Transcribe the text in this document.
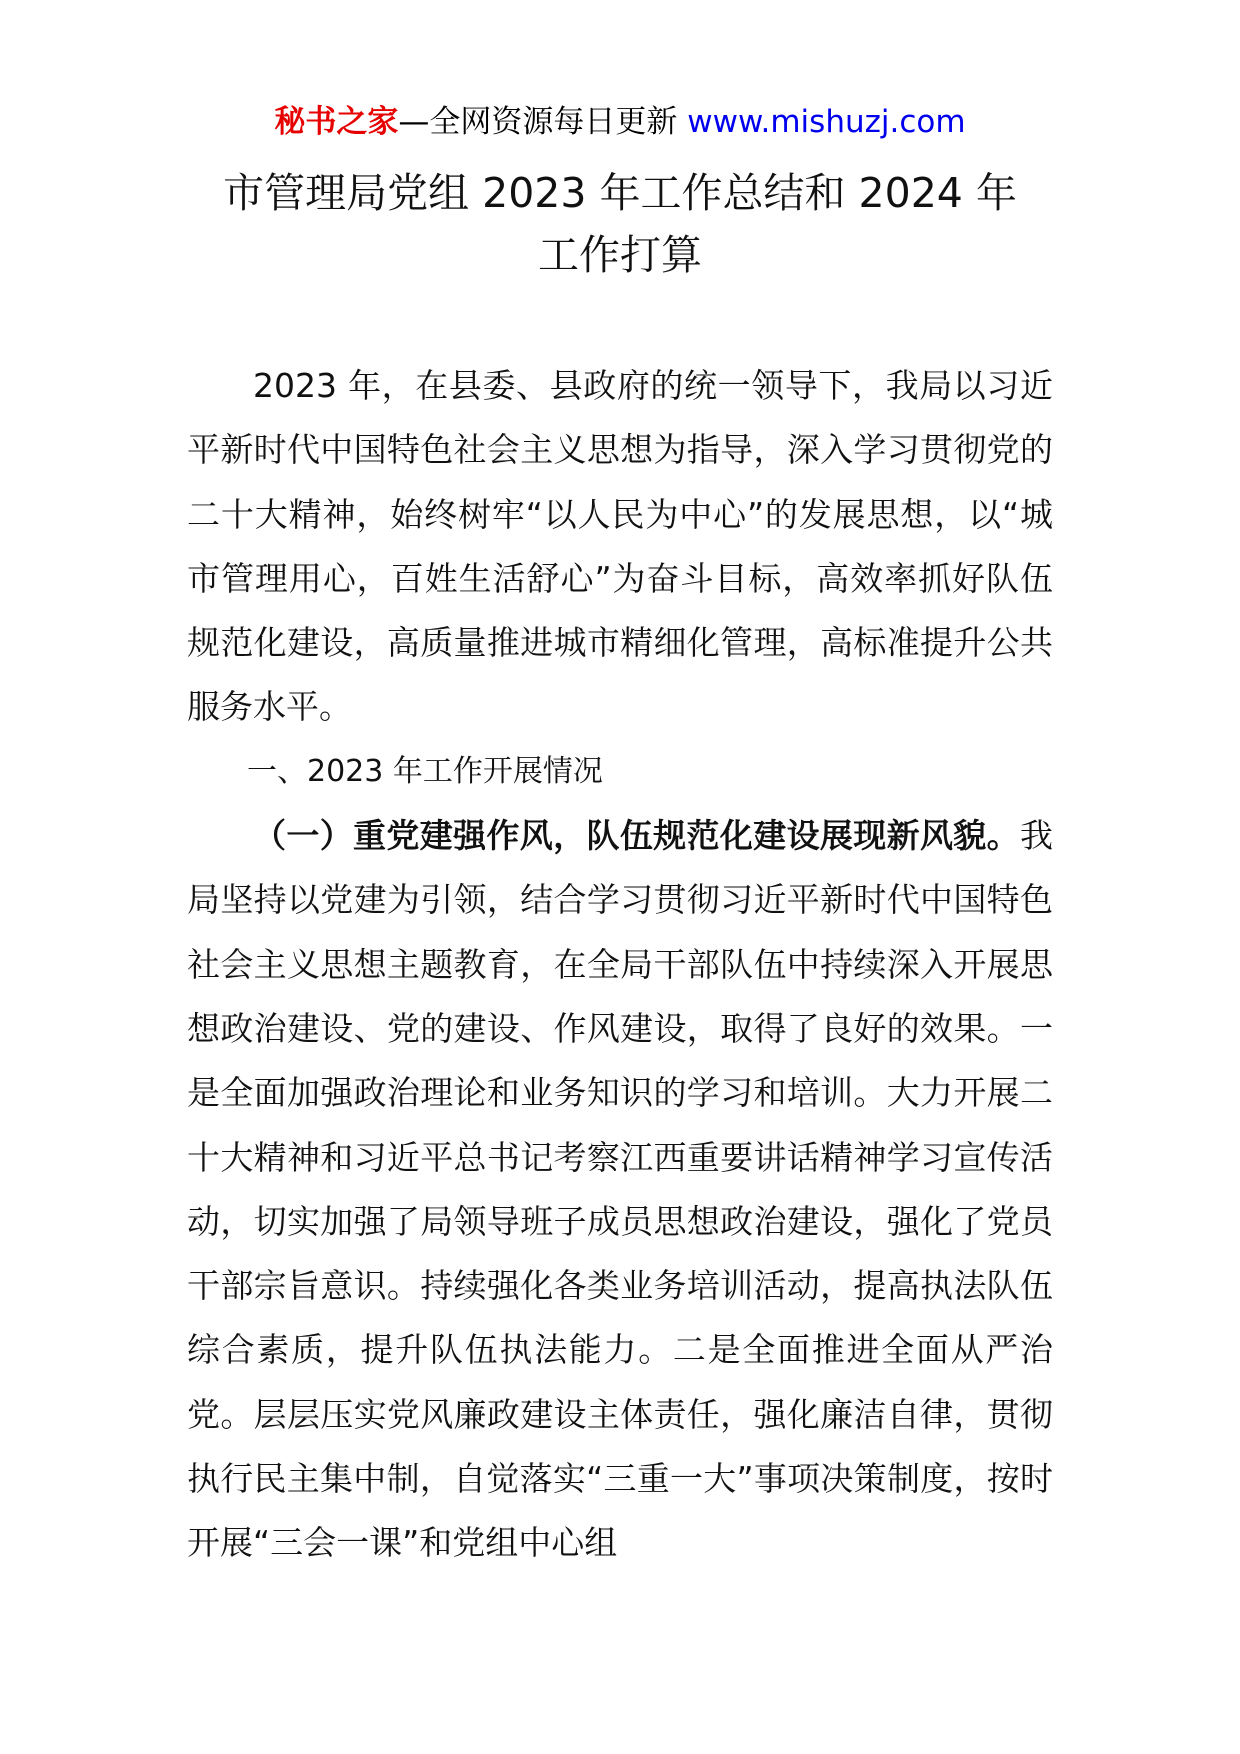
秘书之家—全网资源每日更新 www.mishuzj.com
市管理局党组 2023 年工作总结和 2024 年
工作打算

2023 年，在县委、县政府的统一领导下，我局以习近平新时代中国特色社会主义思想为指导，深入学习贯彻党的二十大精神，始终树牢“以人民为中心”的发展思想，以“城市管理用心，百姓生活舒心”为奋斗目标，高效率抓好队伍规范化建设，高质量推进城市精细化管理，高标准提升公共服务水平。

一、2023 年工作开展情况

（一）重党建强作风，队伍规范化建设展现新风貌。我局坚持以党建为引领，结合学习贯彻习近平新时代中国特色社会主义思想主题教育，在全局干部队伍中持续深入开展思想政治建设、党的建设、作风建设，取得了良好的效果。一是全面加强政治理论和业务知识的学习和培训。大力开展二十大精神和习近平总书记考察江西重要讲话精神学习宣传活动，切实加强了局领导班子成员思想政治建设，强化了党员干部宗旨意识。持续强化各类业务培训活动，提高执法队伍综合素质，提升队伍执法能力。二是全面推进全面从严治党。层层压实党风廉政建设主体责任，强化廉洁自律，贯彻执行民主集中制，自觉落实“三重一大”事项决策制度，按时开展“三会一课”和党组中心组
